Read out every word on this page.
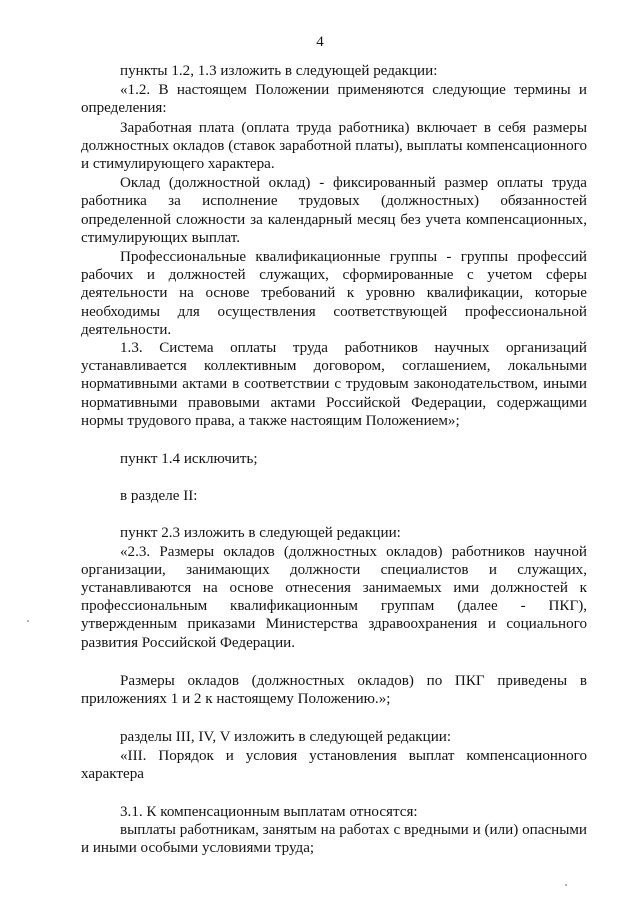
4

пункты 1.2, 1.3 изложить в следующей редакции:

«1.2. В настоящем Положении применяются следующие термины и определения:

Заработная плата (оплата труда работника) включает в себя размеры должностных окладов (ставок заработной платы), выплаты компенсационного и стимулирующего характера.

Оклад (должностной оклад) - фиксированный размер оплаты труда работника за исполнение трудовых (должностных) обязанностей определенной сложности за календарный месяц без учета компенсационных, стимулирующих выплат.

Профессиональные квалификационные группы - группы профессий рабочих и должностей служащих, сформированные с учетом сферы деятельности на основе требований к уровню квалификации, которые необходимы для осуществления соответствующей профессиональной деятельности.

1.3. Система оплаты труда работников научных организаций устанавливается коллективным договором, соглашением, локальными нормативными актами в соответствии с трудовым законодательством, иными нормативными правовыми актами Российской Федерации, содержащими нормы трудового права, а также настоящим Положением»;

пункт 1.4 исключить;

в разделе II:

пункт 2.3 изложить в следующей редакции:

«2.3. Размеры окладов (должностных окладов) работников научной организации, занимающих должности специалистов и служащих, устанавливаются на основе отнесения занимаемых ими должностей к профессиональным квалификационным группам (далее - ПКГ), утвержденным приказами Министерства здравоохранения и социального развития Российской Федерации.

Размеры окладов (должностных окладов) по ПКГ приведены в приложениях 1 и 2 к настоящему Положению.»;

разделы III, IV, V изложить в следующей редакции:

«III. Порядок и условия установления выплат компенсационного характера

3.1. К компенсационным выплатам относятся:

выплаты работникам, занятым на работах с вредными и (или) опасными и иными особыми условиями труда;
